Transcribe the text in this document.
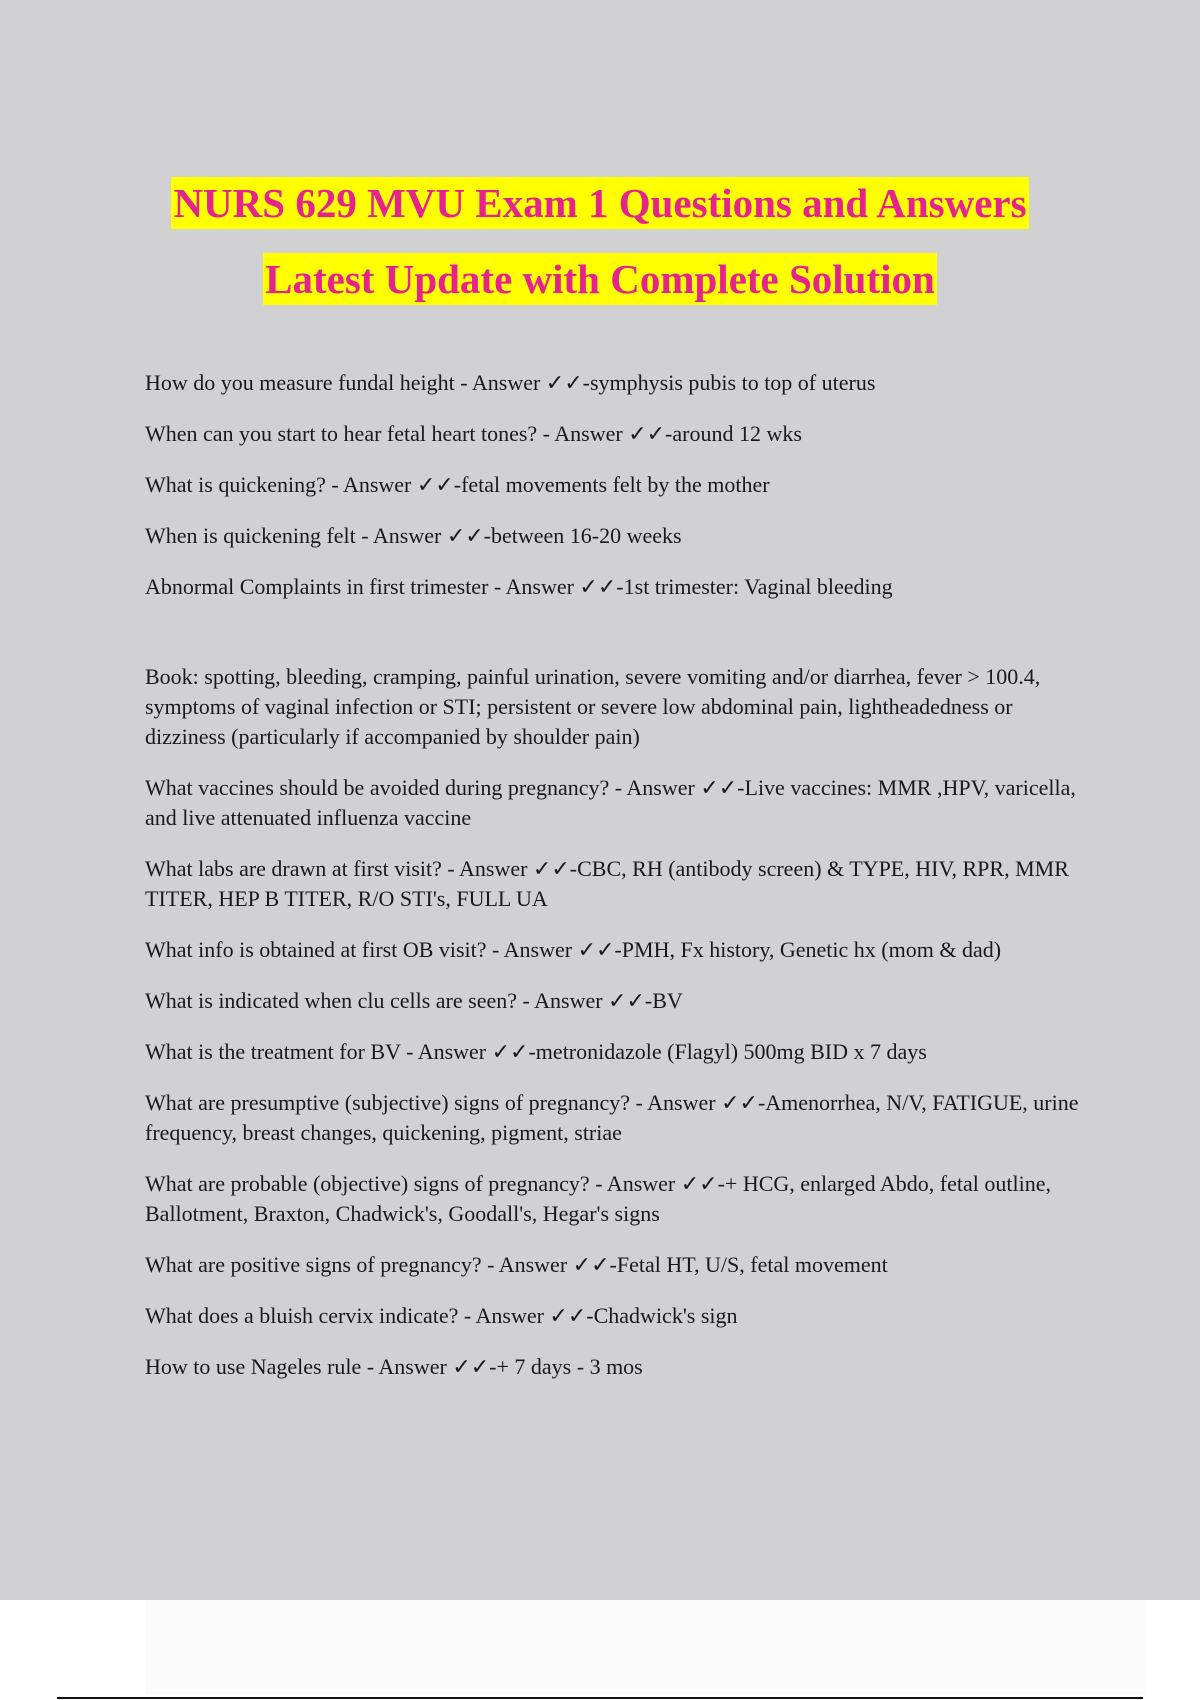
NURS 629 MVU Exam 1 Questions and Answers
Latest Update with Complete Solution

How do you measure fundal height - Answer ✓✓-symphysis pubis to top of uterus

When can you start to hear fetal heart tones? - Answer ✓✓-around 12 wks

What is quickening? - Answer ✓✓-fetal movements felt by the mother

When is quickening felt - Answer ✓✓-between 16-20 weeks

Abnormal Complaints in first trimester - Answer ✓✓-1st trimester: Vaginal bleeding

Book: spotting, bleeding, cramping, painful urination, severe vomiting and/or diarrhea, fever > 100.4, symptoms of vaginal infection or STI; persistent or severe low abdominal pain, lightheadedness or dizziness (particularly if accompanied by shoulder pain)

What vaccines should be avoided during pregnancy? - Answer ✓✓-Live vaccines: MMR ,HPV, varicella, and live attenuated influenza vaccine

What labs are drawn at first visit? - Answer ✓✓-CBC, RH (antibody screen) & TYPE, HIV, RPR, MMR TITER, HEP B TITER, R/O STI's, FULL UA

What info is obtained at first OB visit? - Answer ✓✓-PMH, Fx history, Genetic hx (mom & dad)

What is indicated when clu cells are seen? - Answer ✓✓-BV

What is the treatment for BV - Answer ✓✓-metronidazole (Flagyl) 500mg BID x 7 days

What are presumptive (subjective) signs of pregnancy? - Answer ✓✓-Amenorrhea, N/V, FATIGUE, urine frequency, breast changes, quickening, pigment, striae

What are probable (objective) signs of pregnancy? - Answer ✓✓-+ HCG, enlarged Abdo, fetal outline, Ballotment, Braxton, Chadwick's, Goodall's, Hegar's signs

What are positive signs of pregnancy? - Answer ✓✓-Fetal HT, U/S, fetal movement

What does a bluish cervix indicate? - Answer ✓✓-Chadwick's sign

How to use Nageles rule - Answer ✓✓-+ 7 days - 3 mos
